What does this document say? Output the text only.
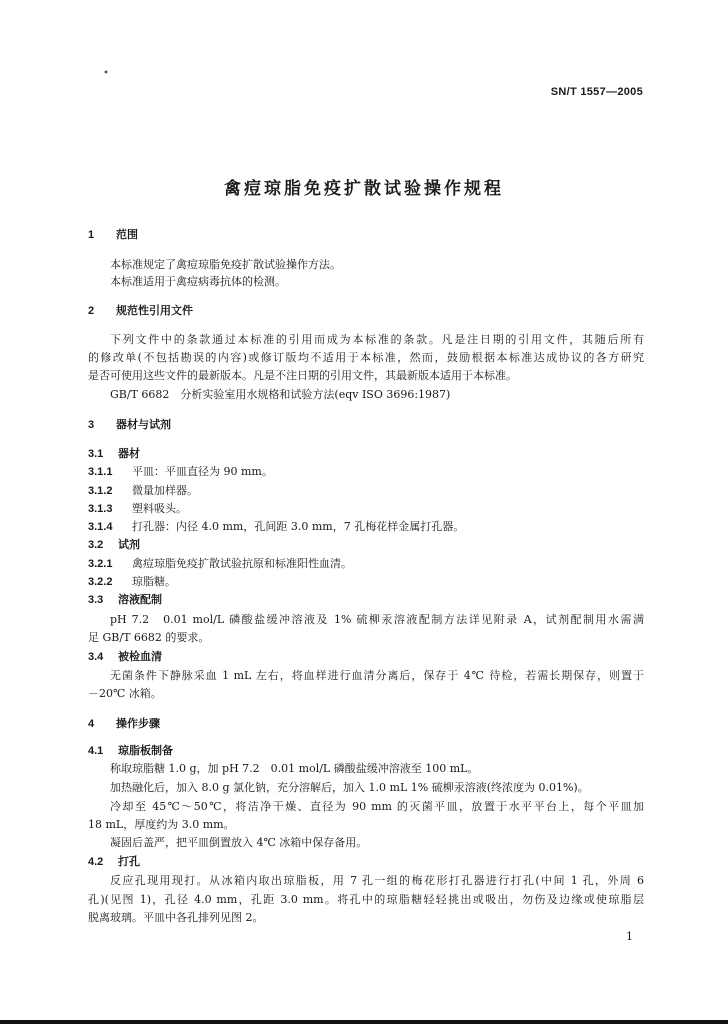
•
SN/T 1557—2005
禽痘琼脂免疫扩散试验操作规程
1 范围
本标准规定了禽痘琼脂免疫扩散试验操作方法。
本标准适用于禽痘病毒抗体的检测。
2 规范性引用文件
下列文件中的条款通过本标准的引用而成为本标准的条款。凡是注日期的引用文件，其随后所有
的修改单(不包括勘误的内容)或修订版均不适用于本标准，然而，鼓励根据本标准达成协议的各方研究
是否可使用这些文件的最新版本。凡是不注日期的引用文件，其最新版本适用于本标准。
GB/T 6682　分析实验室用水规格和试验方法(eqv ISO 3696:1987)
3 器材与试剂
3.1 器材
3.1.1 平皿：平皿直径为 90 mm。
3.1.2 微量加样器。
3.1.3 塑料吸头。
3.1.4 打孔器：内径 4.0 mm，孔间距 3.0 mm，7 孔梅花样金属打孔器。
3.2 试剂
3.2.1 禽痘琼脂免疫扩散试验抗原和标准阳性血清。
3.2.2 琼脂糖。
3.3 溶液配制
pH 7.2　0.01 mol/L 磷酸盐缓冲溶液及 1% 硫柳汞溶液配制方法详见附录 A，试剂配制用水需满
足 GB/T 6682 的要求。
3.4 被检血清
无菌条件下静脉采血 1 mL 左右，将血样进行血清分离后，保存于 4℃ 待检，若需长期保存，则置于
－20℃ 冰箱。
4 操作步骤
4.1 琼脂板制备
称取琼脂糖 1.0 g，加 pH 7.2　0.01 mol/L 磷酸盐缓冲溶液至 100 mL。
加热融化后，加入 8.0 g 氯化钠，充分溶解后，加入 1.0 mL 1% 硫柳汞溶液(终浓度为 0.01%)。
冷却至 45℃～50℃，将洁净干燥、直径为 90 mm 的灭菌平皿，放置于水平平台上，每个平皿加
18 mL，厚度约为 3.0 mm。
凝固后盖严，把平皿倒置放入 4℃ 冰箱中保存备用。
4.2 打孔
反应孔现用现打。从冰箱内取出琼脂板，用 7 孔一组的梅花形打孔器进行打孔(中间 1 孔，外周 6
孔)(见图 1)，孔径 4.0 mm，孔距 3.0 mm。将孔中的琼脂糖轻轻挑出或吸出，勿伤及边缘或使琼脂层
脱离玻璃。平皿中各孔排列见图 2。
1
